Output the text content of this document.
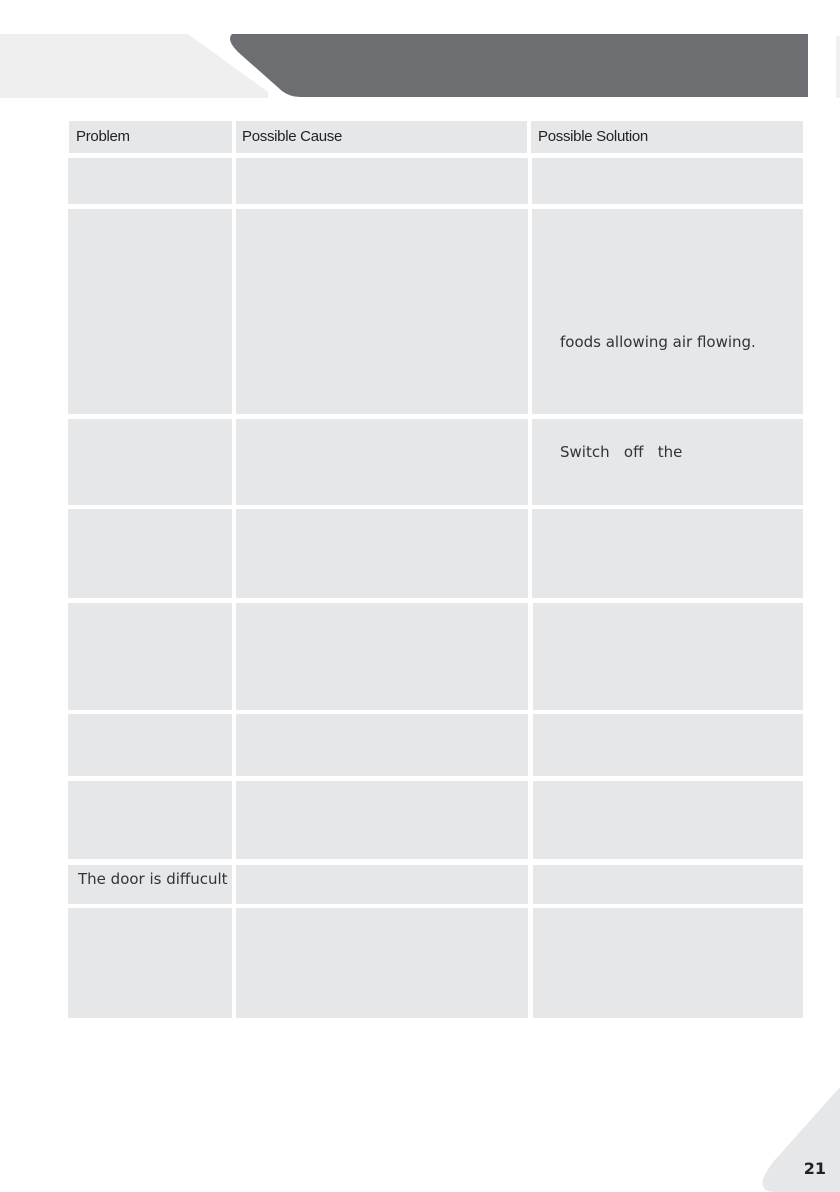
Problem	Possible Cause	Possible Solution
foods allowing air flowing.
Switch   off   the
The door is diffucult
21
